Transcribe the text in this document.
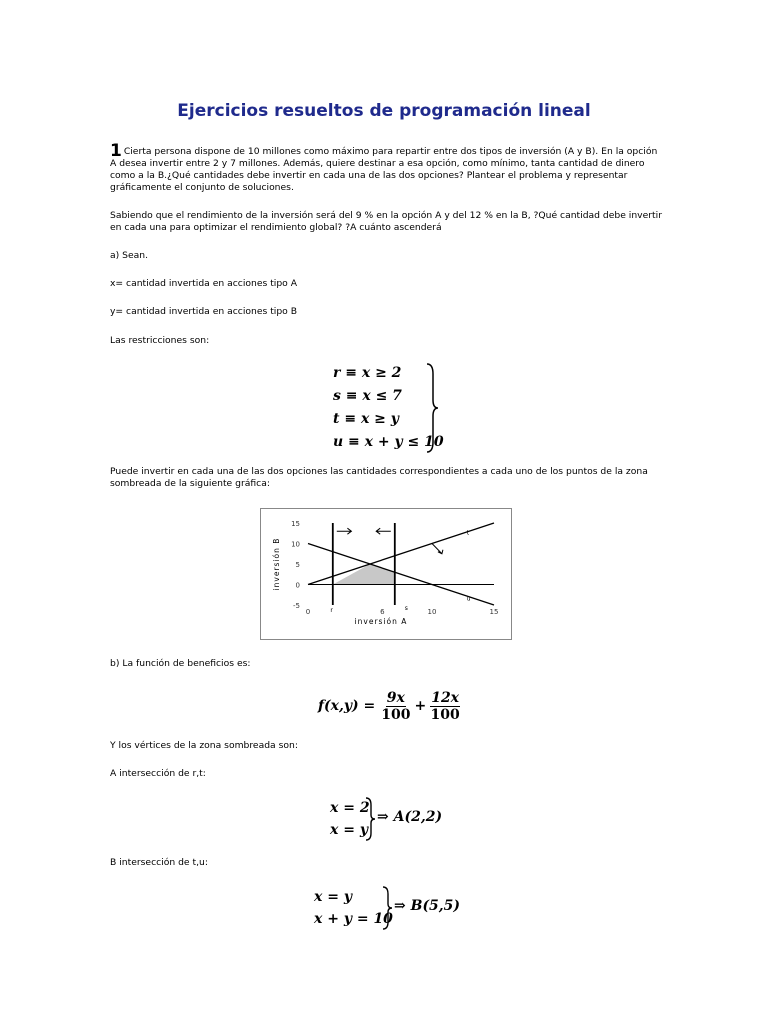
Ejercicios resueltos de programación lineal
1 Cierta persona dispone de 10 millones como máximo para repartir entre dos tipos de inversión (A y B). En la opción A desea invertir entre 2 y 7 millones. Además, quiere destinar a esa opción, como mínimo, tanta cantidad de dinero como a la B.¿Qué cantidades debe invertir en cada una de las dos opciones? Plantear el problema y representar gráficamente el conjunto de soluciones.
Sabiendo que el rendimiento de la inversión será del 9 % en la opción A y del 12 % en la B, ?Qué cantidad debe invertir en cada una para optimizar el rendimiento global? ?A cuánto ascenderá
a) Sean.
x= cantidad invertida en acciones tipo A
y= cantidad invertida en acciones tipo B
Las restricciones son:
r ≡ x ≥ 2
s ≡ x ≤ 7
t ≡ x ≥ y
u ≡ x + y ≤ 10
Puede invertir en cada una de las dos opciones las cantidades correspondientes a cada uno de los puntos de la zona sombreada de la siguiente gráfica:
15
10
5
0
-5
0	6	10	15
t
u
r	s
inversión A
inversión B
b) La función de beneficios es:
$f(x,y) = \frac{9x}{100} + \frac{12x}{100}$
Y los vértices de la zona sombreada son:
A intersección de r,t:
x = 2
x = y
⇒ A(2,2)
B intersección de t,u:
x = y
x + y = 10
⇒ B(5,5)
